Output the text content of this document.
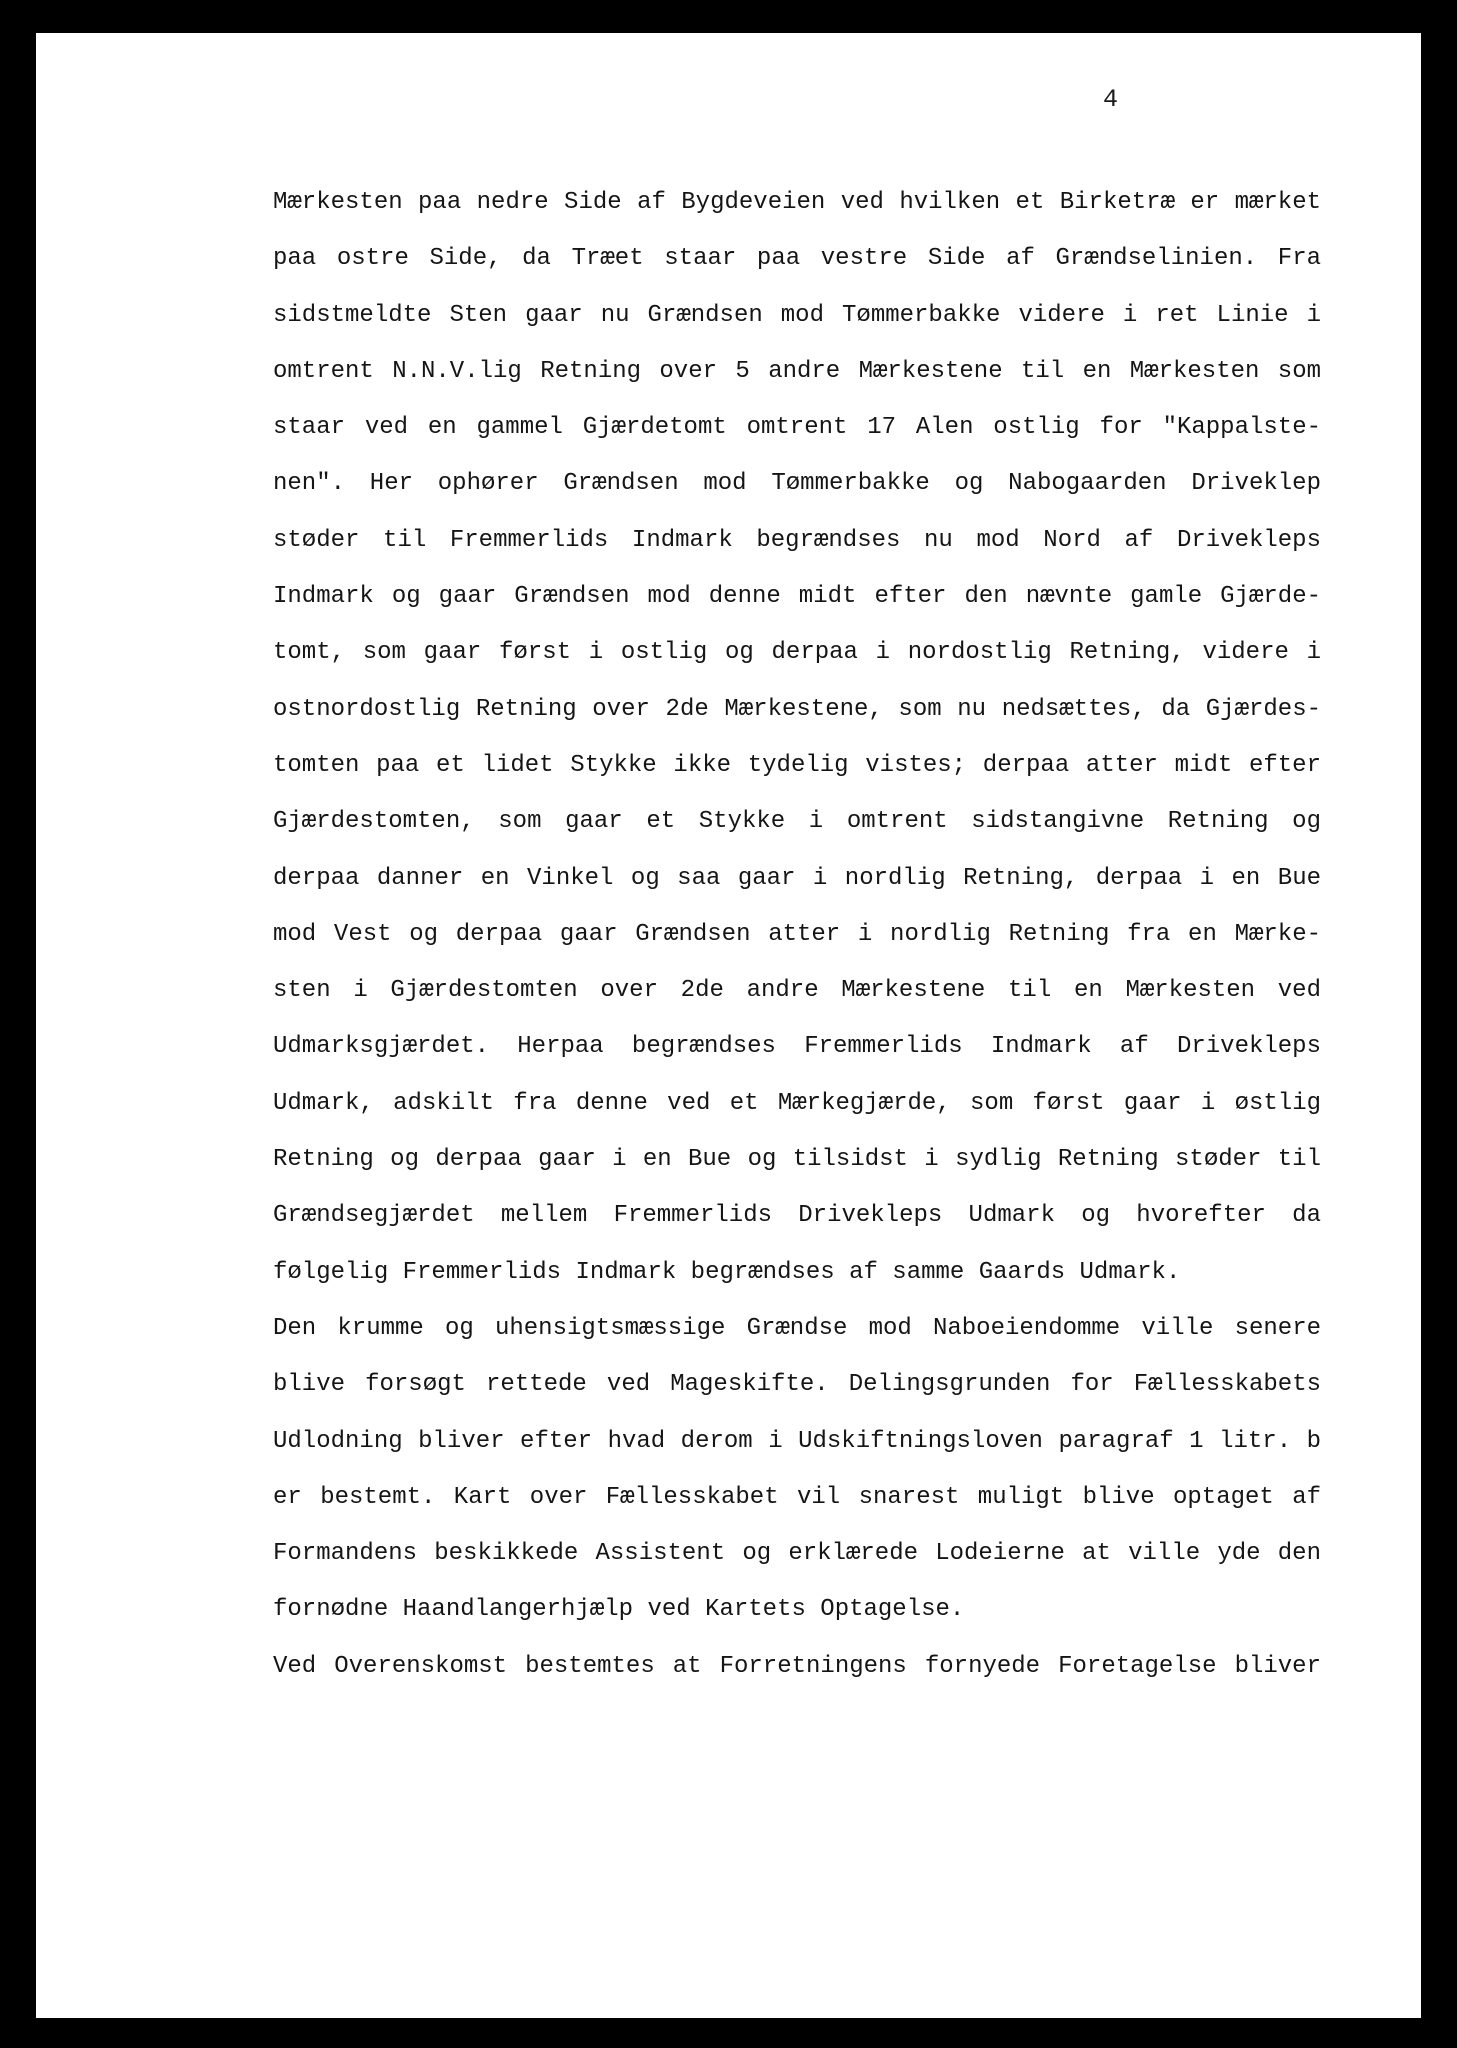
4
Mærkesten paa nedre Side af Bygdeveien ved hvilken et Birketræ er mærket
paa ostre Side, da Træet staar paa vestre Side af Grændselinien. Fra
sidstmeldte Sten gaar nu Grændsen mod Tømmerbakke videre i ret Linie i
omtrent N.N.V.lig Retning over 5 andre Mærkestene til en Mærkesten som
staar ved en gammel Gjærdetomt omtrent 17 Alen ostlig for "Kappalste-
nen". Her ophører Grændsen mod Tømmerbakke og Nabogaarden Driveklep
støder til Fremmerlids Indmark begrændses nu mod Nord af Drivekleps
Indmark og gaar Grændsen mod denne midt efter den nævnte gamle Gjærde-
tomt, som gaar først i ostlig og derpaa i nordostlig Retning, videre i
ostnordostlig Retning over 2de Mærkestene, som nu nedsættes, da Gjærdes-
tomten paa et lidet Stykke ikke tydelig vistes; derpaa atter midt efter
Gjærdestomten, som gaar et Stykke i omtrent sidstangivne Retning og
derpaa danner en Vinkel og saa gaar i nordlig Retning, derpaa i en Bue
mod Vest og derpaa gaar Grændsen atter i nordlig Retning fra en Mærke-
sten i Gjærdestomten over 2de andre Mærkestene til en Mærkesten ved
Udmarksgjærdet. Herpaa begrændses Fremmerlids Indmark af Drivekleps
Udmark, adskilt fra denne ved et Mærkegjærde, som først gaar i østlig
Retning og derpaa gaar i en Bue og tilsidst i sydlig Retning støder til
Grændsegjærdet mellem Fremmerlids Drivekleps Udmark og hvorefter da
følgelig Fremmerlids Indmark begrændses af samme Gaards Udmark.
Den krumme og uhensigtsmæssige Grændse mod Naboeiendomme ville senere
blive forsøgt rettede ved Mageskifte. Delingsgrunden for Fællesskabets
Udlodning bliver efter hvad derom i Udskiftningsloven paragraf 1 litr. b
er bestemt. Kart over Fællesskabet vil snarest muligt blive optaget af
Formandens beskikkede Assistent og erklærede Lodeierne at ville yde den
fornødne Haandlangerhjælp ved Kartets Optagelse.
Ved Overenskomst bestemtes at Forretningens fornyede Foretagelse bliver
